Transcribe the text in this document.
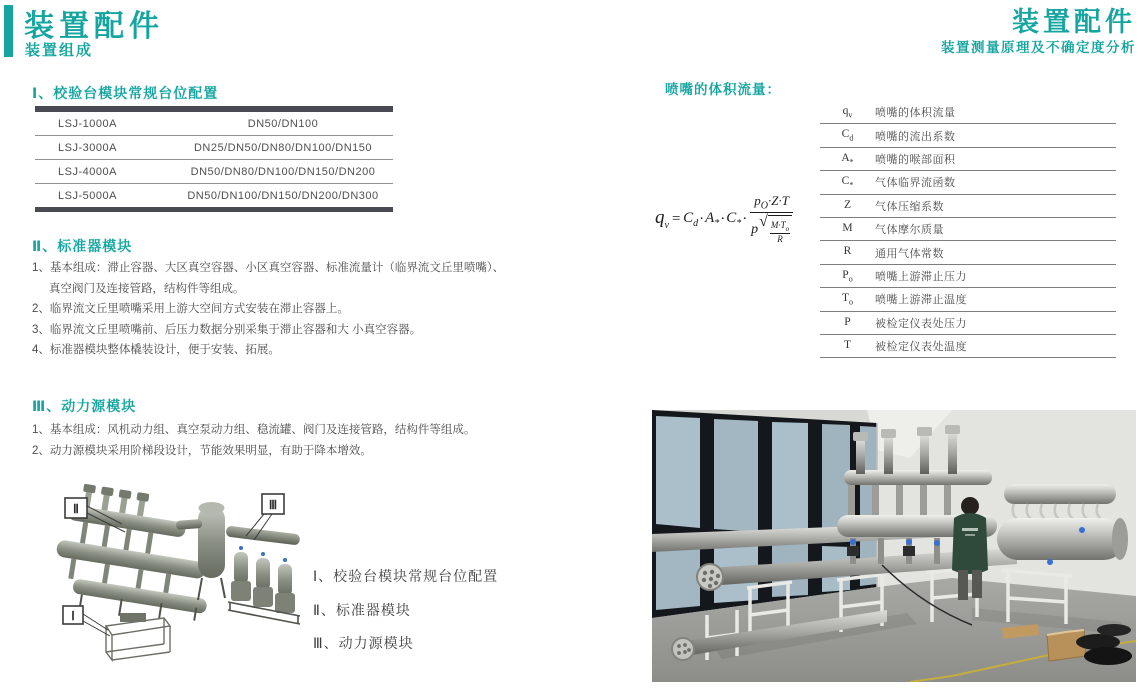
装置配件
装置组成
Ⅰ、校验台模块常规台位配置
LSJ-1000A	DN50/DN100
LSJ-3000A	DN25/DN50/DN80/DN100/DN150
LSJ-4000A	DN50/DN80/DN100/DN150/DN200
LSJ-5000A	DN50/DN100/DN150/DN200/DN300
Ⅱ、标准器模块
1、基本组成：滞止容器、大区真空容器、小区真空容器、标准流量计（临界流文丘里喷嘴）、
真空阀门及连接管路，结构件等组成。
2、临界流文丘里喷嘴采用上游大空间方式安装在滞止容器上。
3、临界流文丘里喷嘴前、后压力数据分别采集于滞止容器和大 小真空容器。
4、标准器模块整体橇装设计，便于安装、拓展。
Ⅲ、动力源模块
1、基本组成：风机动力组、真空泵动力组、稳流罐、阀门及连接管路，结构件等组成。
2、动力源模块采用阶梯段设计，节能效果明显，有助于降本增效。
Ⅱ	Ⅲ
Ⅰ
Ⅰ、校验台模块常规台位配置
Ⅱ、标准器模块
Ⅲ、动力源模块
装置配件
装置测量原理及不确定度分析
喷嘴的体积流量：
$q_v = C_d \cdot A_* \cdot C_*$ ·
$p_O\cdot Z\cdot T$
p √ $\frac{M\cdot T_o}{R}$
$q_v$	喷嘴的体积流量
$C_d$	喷嘴的流出系数
$A_*$	喷嘴的喉部面积
$C_*$	气体临界流函数
Z	气体压缩系数
M	气体摩尔质量
R	通用气体常数
$P_o$	喷嘴上游滞止压力
$T_o$	喷嘴上游滞止温度
P	被检定仪表处压力
T	被检定仪表处温度
